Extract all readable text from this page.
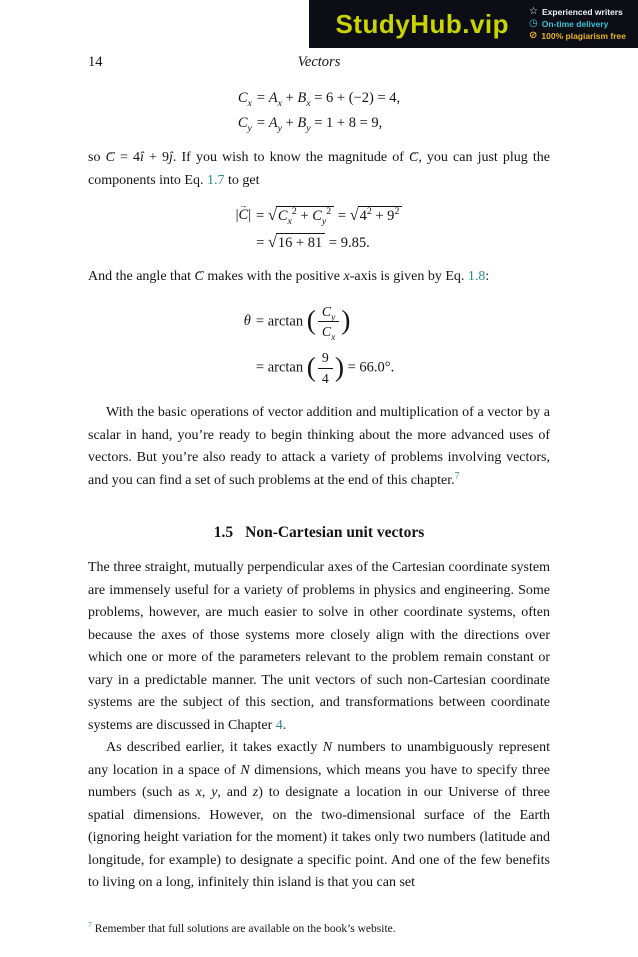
StudyHub.vip	☆ Experienced writers
◷ On-time delivery
⊘ 100% plagiarism free
14	Vectors
$C_x = A_x + B_x = 6 + (-2) = 4$,
$C_y = A_y + B_y = 1 + 8 = 9$,

so → C = 4î + 9ĵ. If you wish to know the magnitude of → C, you can just plug the components into Eq. 1.7 to get

|→ $C| = √C_x^2 + C_y^2 = √4^2 + 9^2$
= √16 + 81 = 9.85.

And the angle that → C makes with the positive x-axis is given by Eq. 1.8:

θ = arctan ( $\frac{C_y}{C_x}$ )
= arctan ( $\frac{9}{4}$ ) = 66.0°.

With the basic operations of vector addition and multiplication of a vector by a scalar in hand, you’re ready to begin thinking about the more advanced uses of vectors. But you’re also ready to attack a variety of problems involving vectors, and you can find a set of such problems at the end of this chapter.$^7$

1.5 Non-Cartesian unit vectors

The three straight, mutually perpendicular axes of the Cartesian coordinate system are immensely useful for a variety of problems in physics and engineering. Some problems, however, are much easier to solve in other coordinate systems, often because the axes of those systems more closely align with the directions over which one or more of the parameters relevant to the problem remain constant or vary in a predictable manner. The unit vectors of such non-Cartesian coordinate systems are the subject of this section, and transformations between coordinate systems are discussed in Chapter 4.

As described earlier, it takes exactly N numbers to unambiguously represent any location in a space of N dimensions, which means you have to specify three numbers (such as x, y, and z) to designate a location in our Universe of three spatial dimensions. However, on the two-dimensional surface of the Earth (ignoring height variation for the moment) it takes only two numbers (latitude and longitude, for example) to designate a specific point. And one of the few benefits to living on a long, infinitely thin island is that you can set

$^7$ Remember that full solutions are available on the book’s website.
